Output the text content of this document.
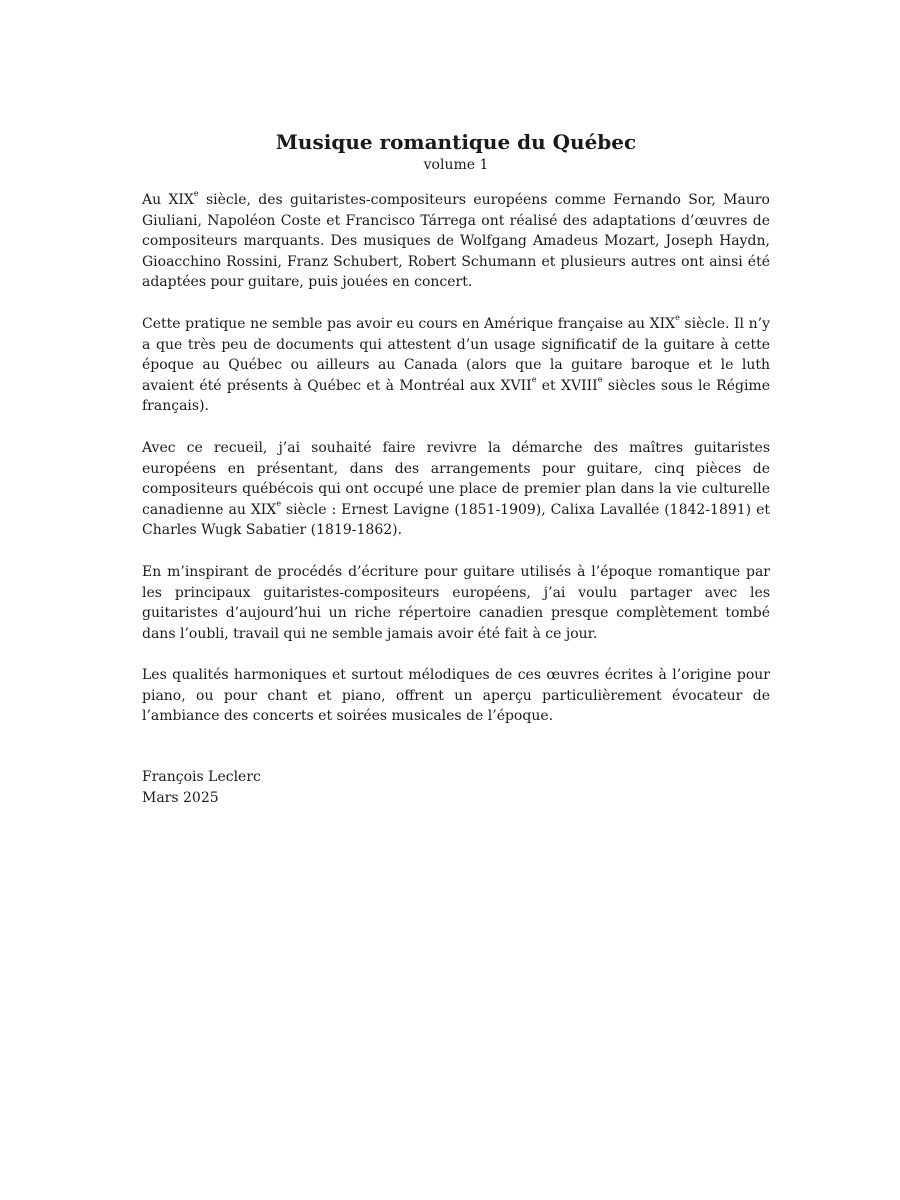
Musique romantique du Québec
volume 1

Au XIXe siècle, des guitaristes-compositeurs européens comme Fernando Sor, Mauro Giuliani, Napoléon Coste et Francisco Tárrega ont réalisé des adaptations d’œuvres de compositeurs marquants. Des musiques de Wolfgang Amadeus Mozart, Joseph Haydn, Gioacchino Rossini, Franz Schubert, Robert Schumann et plusieurs autres ont ainsi été adaptées pour guitare, puis jouées en concert.

Cette pratique ne semble pas avoir eu cours en Amérique française au XIXe siècle. Il n’y a que très peu de documents qui attestent d’un usage significatif de la guitare à cette époque au Québec ou ailleurs au Canada (alors que la guitare baroque et le luth avaient été présents à Québec et à Montréal aux XVIIe et XVIIIe siècles sous le Régime français).

Avec ce recueil, j’ai souhaité faire revivre la démarche des maîtres guitaristes européens en présentant, dans des arrangements pour guitare, cinq pièces de compositeurs québécois qui ont occupé une place de premier plan dans la vie culturelle canadienne au XIXe siècle : Ernest Lavigne (1851-1909), Calixa Lavallée (1842-1891) et Charles Wugk Sabatier (1819-1862).

En m’inspirant de procédés d’écriture pour guitare utilisés à l’époque romantique par les principaux guitaristes-compositeurs européens, j’ai voulu partager avec les guitaristes d’aujourd’hui un riche répertoire canadien presque complètement tombé dans l’oubli, travail qui ne semble jamais avoir été fait à ce jour.

Les qualités harmoniques et surtout mélodiques de ces œuvres écrites à l’origine pour piano, ou pour chant et piano, offrent un aperçu particulièrement évocateur de l’ambiance des concerts et soirées musicales de l’époque.

François Leclerc
Mars 2025
